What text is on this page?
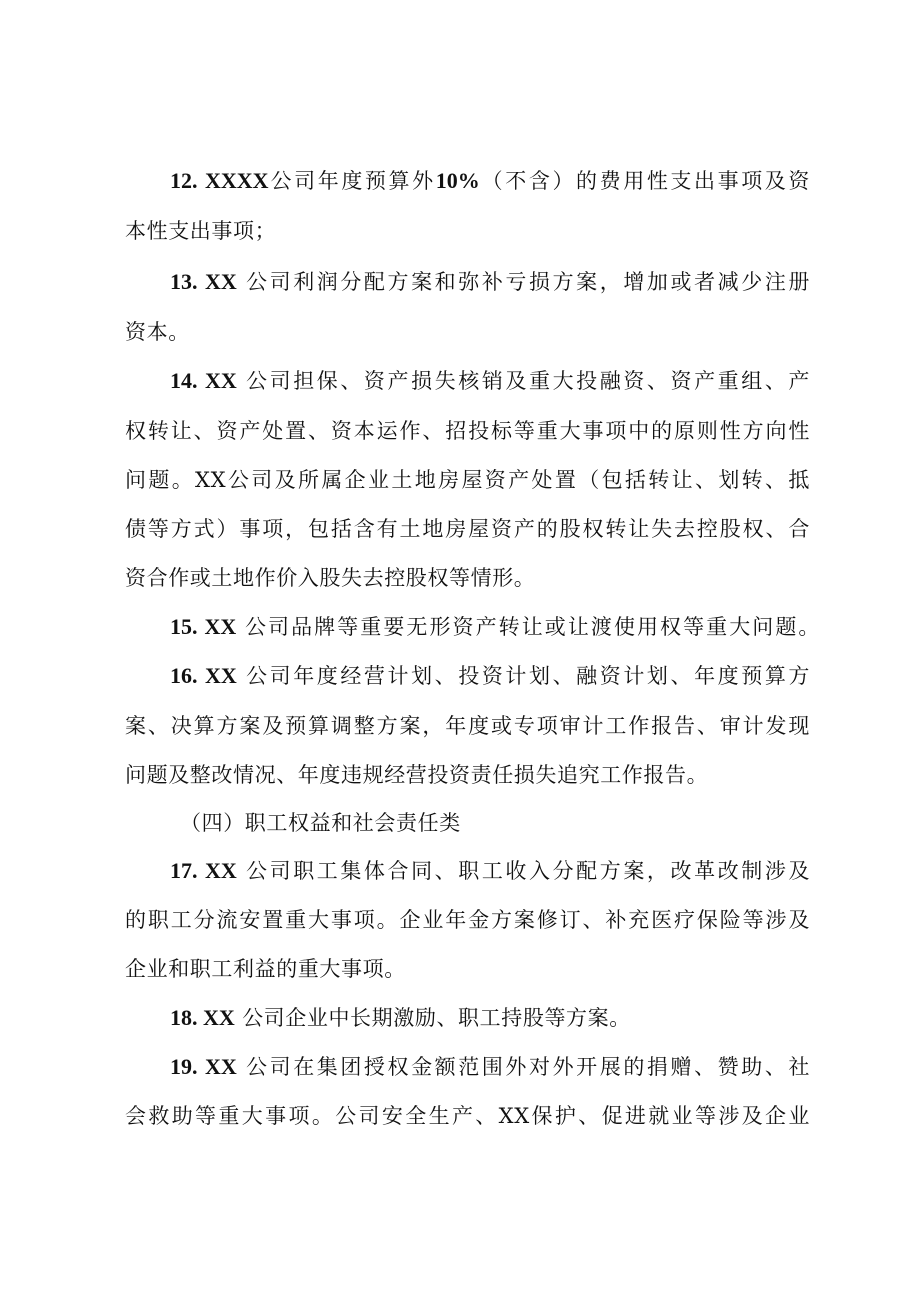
12. XXXX公司年度预算外10%（不含）的费用性支出事项及资
本性支出事项；
13. XX 公司利润分配方案和弥补亏损方案，增加或者减少注册
资本。
14. XX 公司担保、资产损失核销及重大投融资、资产重组、产
权转让、资产处置、资本运作、招投标等重大事项中的原则性方向性
问题。XX公司及所属企业土地房屋资产处置（包括转让、划转、抵
债等方式）事项，包括含有土地房屋资产的股权转让失去控股权、合
资合作或土地作价入股失去控股权等情形。
15. XX 公司品牌等重要无形资产转让或让渡使用权等重大问题。
16. XX 公司年度经营计划、投资计划、融资计划、年度预算方
案、决算方案及预算调整方案，年度或专项审计工作报告、审计发现
问题及整改情况、年度违规经营投资责任损失追究工作报告。
（四）职工权益和社会责任类
17. XX 公司职工集体合同、职工收入分配方案，改革改制涉及
的职工分流安置重大事项。企业年金方案修订、补充医疗保险等涉及
企业和职工利益的重大事项。
18. XX 公司企业中长期激励、职工持股等方案。
19. XX 公司在集团授权金额范围外对外开展的捐赠、赞助、社
会救助等重大事项。公司安全生产、XX保护、促进就业等涉及企业
